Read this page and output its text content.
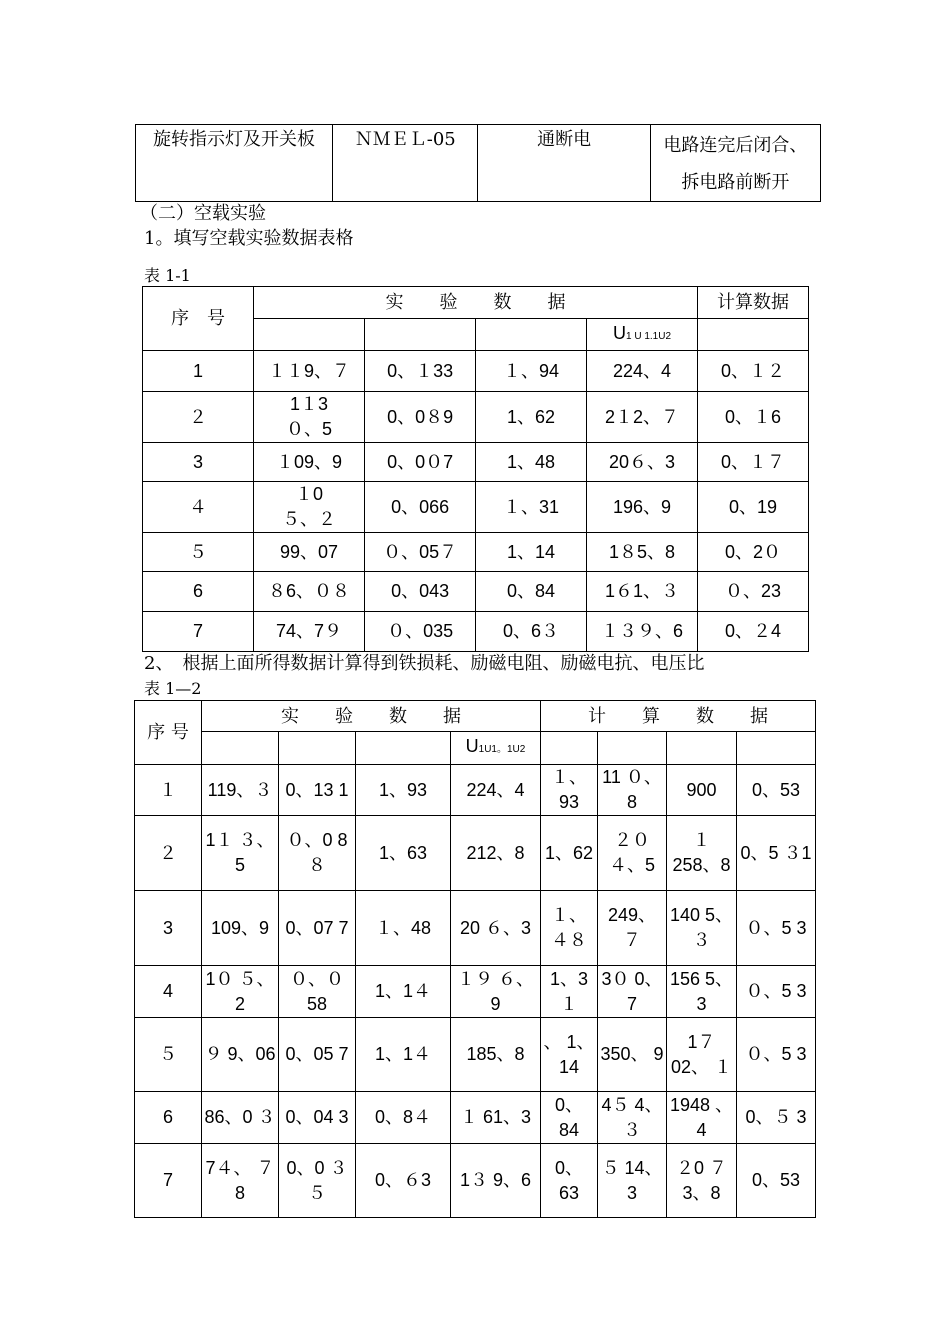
旋转指示灯及开关板	ＮＭＥＬ-05	通断电	电路连完后闭合、
拆电路前断开
（二）空载实验
1。填写空载实验数据表格
表 1-1
序　号	实　　验　　数　　据				计算数据
				U1 U 1.1U2	
1	１１9、７	0、１33	１、94	224、4	0、１２
２	1１3 ０、5	0、0８9	1、62	2１2、７	0、１6
3	１09、9	0、0０7	1、48	20６、3	0、１７
４	１0５、２	0、066	１、31	196、9	0、19
５	99、07	０、05７	1、14	1８5、8	0、2０
6	８6、０８	0、043	0、84	1６1、３	０、23
7	74、7９	０、035	0、6３	１３９、6	0、２4
2、　根据上面所得数据计算得到铁损耗、励磁电阻、励磁电抗、电压比
表 1—2
序 号	实　　验　　数　　据				计　　算　　数　　据			
				U1U1。1U2				
１	119、３	0、13 1	1、93	224、4	１、93	11 ０、8	900	0、53
２	1１ ３、5	０、0 8８	1、63	212、8	1、62	２０ ４、5	１ 258、8	0、5 ３1
3	109、9	0、07 7	１、48	20 ６、3	１、４８	249、７	140 5、３	０、5 3
4	1０ ５、2	０、０ 58	1、1４	１９ ６、9	1、3１	3０ 0、7	156 5、3	０、5 3
５	９ 9、06	0、05 7	1、1４	185、8	、 1、 14	350、 9	1７ 02、 １	０、5 3
6	86、0 ３	0、04 3	0、8４	１ 61、3	0、 84	4５ 4、３	1948 、4	0、５ 3
7	7４、 ７8	0、0 ３５	0、６3	1３ 9、6	0、 63	５ 14、3	２0 ７ 3、8	0、53
